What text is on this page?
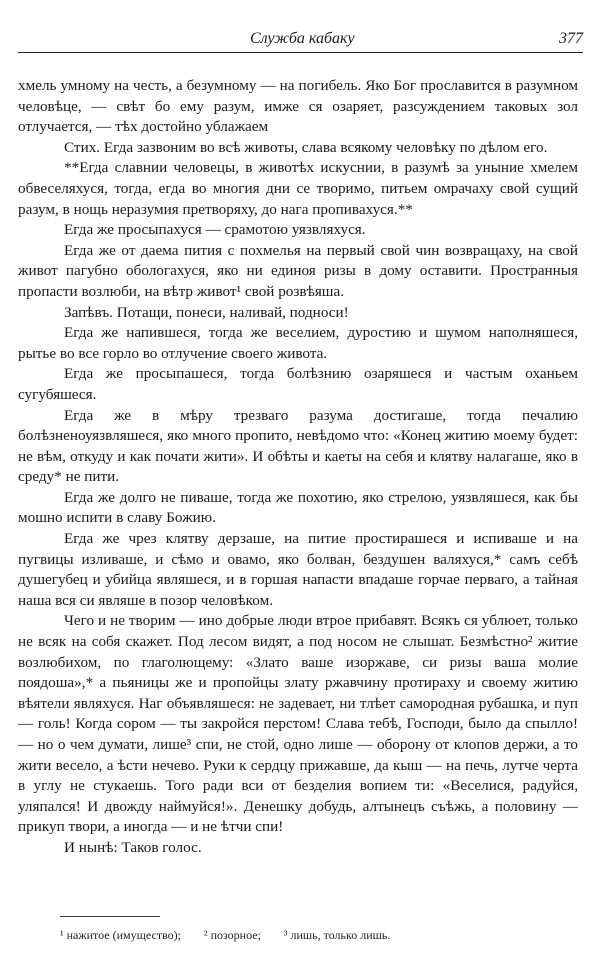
Служба кабаку	377

хмель умному на честь, а безумному — на погибель. Яко Бог прославится в разумном человѣце, — свѣт бо ему разум, имже ся озаряет, разсуждением таковых зол отлучается, — тѣх достойно ублажаем

Стих. Егда зазвоним во всѣ животы, слава всякому человѣку по дѣлом его.

**Егда славнии человецы, в животѣх искуснии, в разумѣ за уныние хмелем обвеселяхуся, тогда, егда во многия дни се творимо, питьем омрачаху свой сущий разум, в нощь неразумия претворяху, до нага пропивахуся.**

Егда же просыпахуся — срамотою уязвляхуся.

Егда же от даема пития с похмелья на первый свой чин возвращаху, на свой живот пагубно обологахуся, яко ни единоя ризы в дому оставити. Пространныя пропасти возлюби, на вѣтр живот¹ свой розвѣяша.

Запѣвъ. Потащи, понеси, наливай, подноси!

Егда же напившеся, тогда же веселием, дуростию и шумом наполняшеся, рытье во все горло во отлучение своего живота.

Егда же просыпашеся, тогда болѣзнию озаряшеся и частым оханьем сугубяшеся.

Егда же в мѣру трезваго разума достигаше, тогда печалию болѣзненоуязвляшеся, яко много пропито, невѣдомо что: «Конец житию моему будет: не вѣм, откуду и как почати жити». И обѣты и каеты на себя и клятву налагаше, яко в среду* не пити.

Егда же долго не пиваше, тогда же похотию, яко стрелою, уязвляшеся, как бы мошно испити в славу Божию.

Егда же чрез клятву дерзаше, на питие простирашеся и испиваше и на пугвицы изливаше, и сѣмо и овамо, яко болван, бездушен валяхуся,* самъ себѣ душегубец и убийца являшеся, и в горшая напасти впадаше горчае перваго, а тайная наша вся си являше в позор человѣком.

Чего и не творим — ино добрые люди втрое прибавят. Всякъ ся ублюет, только не всяк на собя скажет. Под лесом видят, а под носом не слышат. Безмѣстно² житие возлюбихом, по глаголющему: «Злато ваше изоржаве, си ризы ваша молие поядоша»,* а пьяницы же и пропойцы злату ржавчину протираху и своему житию вѣятели являхуся. Наг объявляшеся: не задевает, ни тлѣет самородная рубашка, и пуп — голь! Когда сором — ты закройся перстом! Слава тебѣ, Господи, было да спылло! — но о чем думати, лише³ спи, не стой, одно лише — оборону от клопов держи, а то жити весело, а ѣсти нечево. Руки к сердцу прижавше, да кыш — на печь, лутче черта в углу не стукаешь. Того ради вси от безделия вопием ти: «Веселися, радуйся, уляпался! И двожду наймуйся!». Денешку добудь, алтынецъ съѣжь, а половину — прикуп твори, а иногда — и не ѣтчи спи!

И нынѣ: Таков голос.

¹ нажитое (имущество); ² позорное; ³ лишь, только лишь.
